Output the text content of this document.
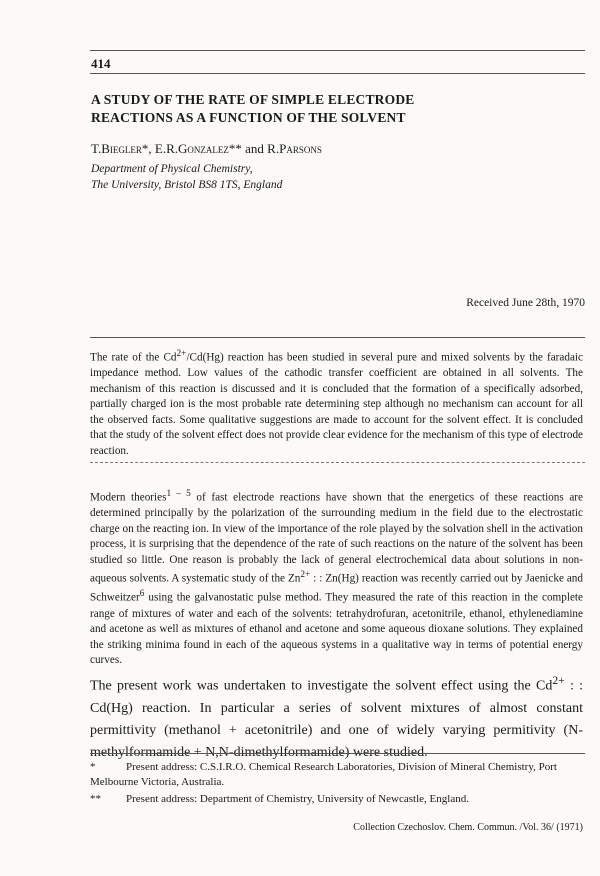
414
A STUDY OF THE RATE OF SIMPLE ELECTRODE
REACTIONS AS A FUNCTION OF THE SOLVENT
T.Biegler*, E.R.Gonzalez** and R.Parsons
Department of Physical Chemistry,
The University, Bristol BS8 1TS, England
Received June 28th, 1970
The rate of the $Cd^{2+}/Cd(Hg)$ reaction has been studied in several pure and mixed solvents by the faradaic impedance method. Low values of the cathodic transfer coefficient are obtained in all solvents. The mechanism of this reaction is discussed and it is concluded that the formation of a specifically adsorbed, partially charged ion is the most probable rate determining step although no mechanism can account for all the observed facts. Some qualitative suggestions are made to account for the solvent effect. It is concluded that the study of the solvent effect does not provide clear evidence for the mechanism of this type of electrode reaction.
Modern theories$^{1 - 5}$ of fast electrode reactions have shown that the energetics of these reactions are determined principally by the polarization of the surrounding medium in the field due to the electrostatic charge on the reacting ion. In view of the importance of the role played by the solvation shell in the activation process, it is surprising that the dependence of the rate of such reactions on the nature of the solvent has been studied so little. One reason is probably the lack of general electrochemical data about solutions in non-aqueous solvents. A systematic study of the $Zn^{2+}$ : : Zn(Hg) reaction was recently carried out by Jaenicke and Schweitzer$^6$ using the galvanostatic pulse method. They measured the rate of this reaction in the complete range of mixtures of water and each of the solvents: tetrahydrofuran, acetonitrile, ethanol, ethylenediamine and acetone as well as mixtures of ethanol and acetone and some aqueous dioxane solutions. They explained the striking minima found in each of the aqueous systems in a qualitative way in terms of potential energy curves.
The present work was undertaken to investigate the solvent effect using the $Cd^{2+}$ : : Cd(Hg) reaction. In particular a series of solvent mixtures of almost constant permittivity (methanol + acetonitrile) and one of widely varying permitivity (N-methylformamide + N,N-dimethylformamide) were studied.
*	Present address: C.S.I.R.O. Chemical Research Laboratories, Division of Mineral Chemistry, Port Melbourne Victoria, Australia.
** Present address: Department of Chemistry, University of Newcastle, England.
Collection Czechoslov. Chem. Commun. /Vol. 36/ (1971)
